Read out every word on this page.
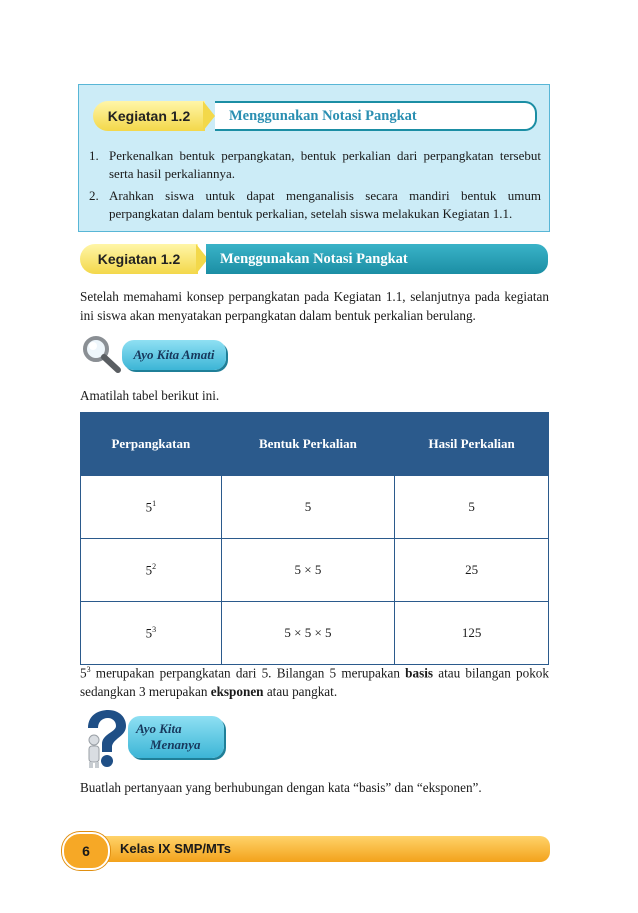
Kegiatan 1.2	Menggunakan Notasi Pangkat
1. Perkenalkan bentuk perpangkatan, bentuk perkalian dari perpangkatan tersebut serta hasil perkaliannya.
2. Arahkan siswa untuk dapat menganalisis secara mandiri bentuk umum perpangkatan dalam bentuk perkalian, setelah siswa melakukan Kegiatan 1.1.
Kegiatan 1.2	Menggunakan Notasi Pangkat
Setelah memahami konsep perpangkatan pada Kegiatan 1.1, selanjutnya pada kegiatan ini siswa akan menyatakan perpangkatan dalam bentuk perkalian berulang.
Ayo Kita Amati
Amatilah tabel berikut ini.
Perpangkatan	Bentuk Perkalian	Hasil Perkalian
$5^1$	5	5
$5^2$	5 × 5	25
$5^3$	5 × 5 × 5	125
$5^3$ merupakan perpangkatan dari 5. Bilangan 5 merupakan basis atau bilangan pokok sedangkan 3 merupakan eksponen atau pangkat.
Ayo Kita
Menanya
Buatlah pertanyaan yang berhubungan dengan kata “basis” dan “eksponen”.
6	Kelas IX SMP/MTs
